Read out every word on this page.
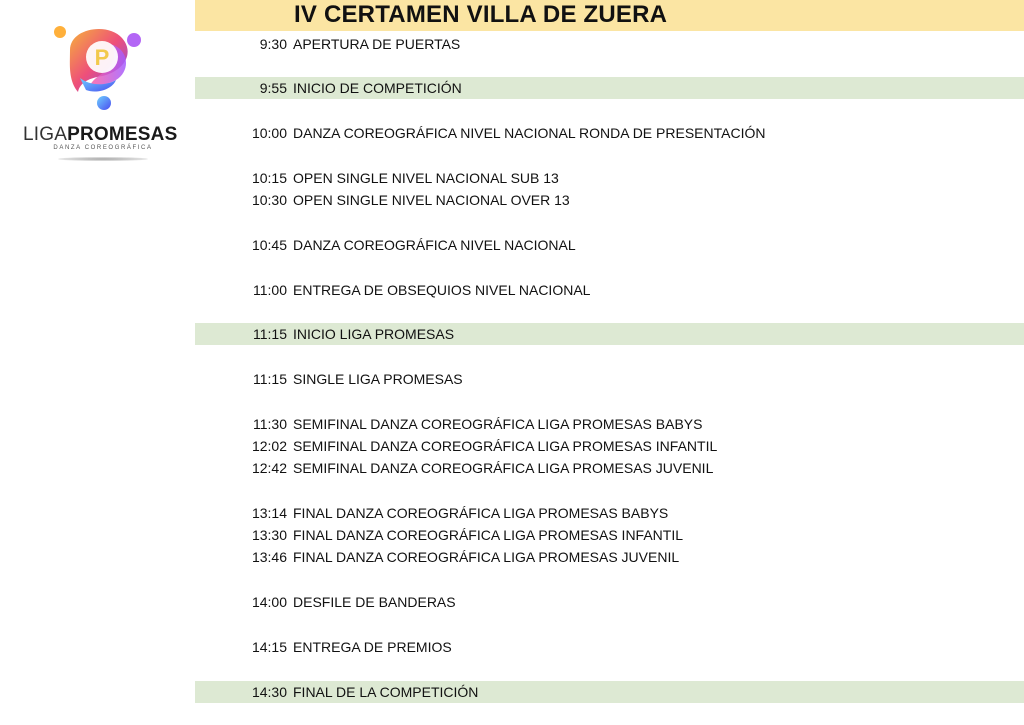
P
LIGAPROMESAS
DANZA COREOGRÁFICA
IV CERTAMEN VILLA DE ZUERA
9:30 APERTURA DE PUERTAS
9:55 INICIO DE COMPETICIÓN
10:00 DANZA COREOGRÁFICA NIVEL NACIONAL RONDA DE PRESENTACIÓN
10:15 OPEN SINGLE NIVEL NACIONAL SUB 13
10:30 OPEN SINGLE NIVEL NACIONAL OVER 13
10:45 DANZA COREOGRÁFICA NIVEL NACIONAL
11:00 ENTREGA DE OBSEQUIOS NIVEL NACIONAL
11:15 INICIO LIGA PROMESAS
11:15 SINGLE LIGA PROMESAS
11:30 SEMIFINAL DANZA COREOGRÁFICA LIGA PROMESAS BABYS
12:02 SEMIFINAL DANZA COREOGRÁFICA LIGA PROMESAS INFANTIL
12:42 SEMIFINAL DANZA COREOGRÁFICA LIGA PROMESAS JUVENIL
13:14 FINAL DANZA COREOGRÁFICA LIGA PROMESAS BABYS
13:30 FINAL DANZA COREOGRÁFICA LIGA PROMESAS INFANTIL
13:46 FINAL DANZA COREOGRÁFICA LIGA PROMESAS JUVENIL
14:00 DESFILE DE BANDERAS
14:15 ENTREGA DE PREMIOS
14:30 FINAL DE LA COMPETICIÓN
